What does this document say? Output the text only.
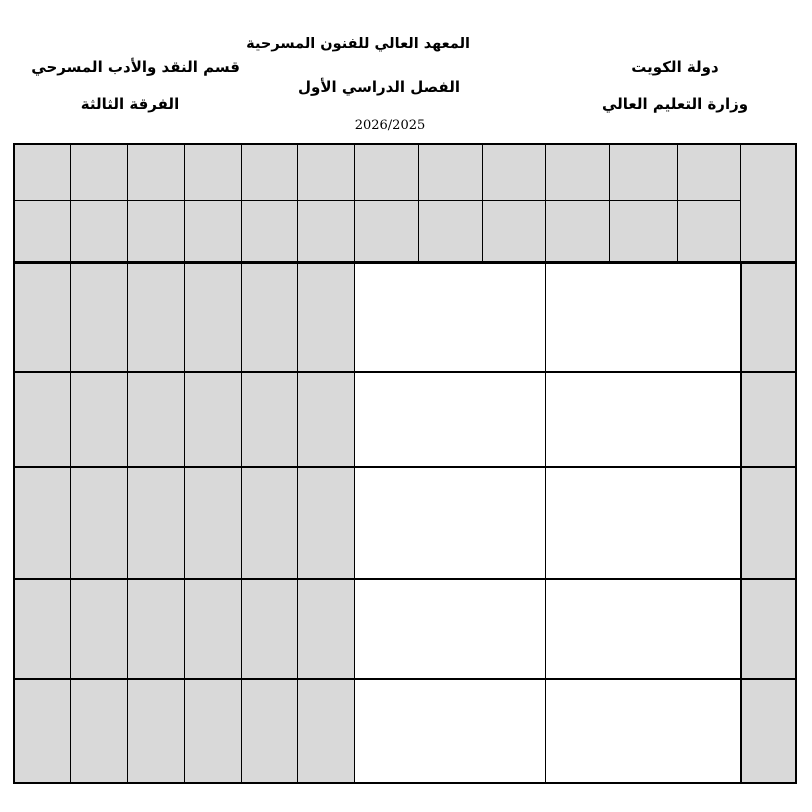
المعهد العالي للفنون المسرحية
الفصل الدراسي الأول
2026/2025
دولة الكويت
وزارة التعليم العالي
قسم النقد والأدب المسرحي
الفرقة الثالثة
